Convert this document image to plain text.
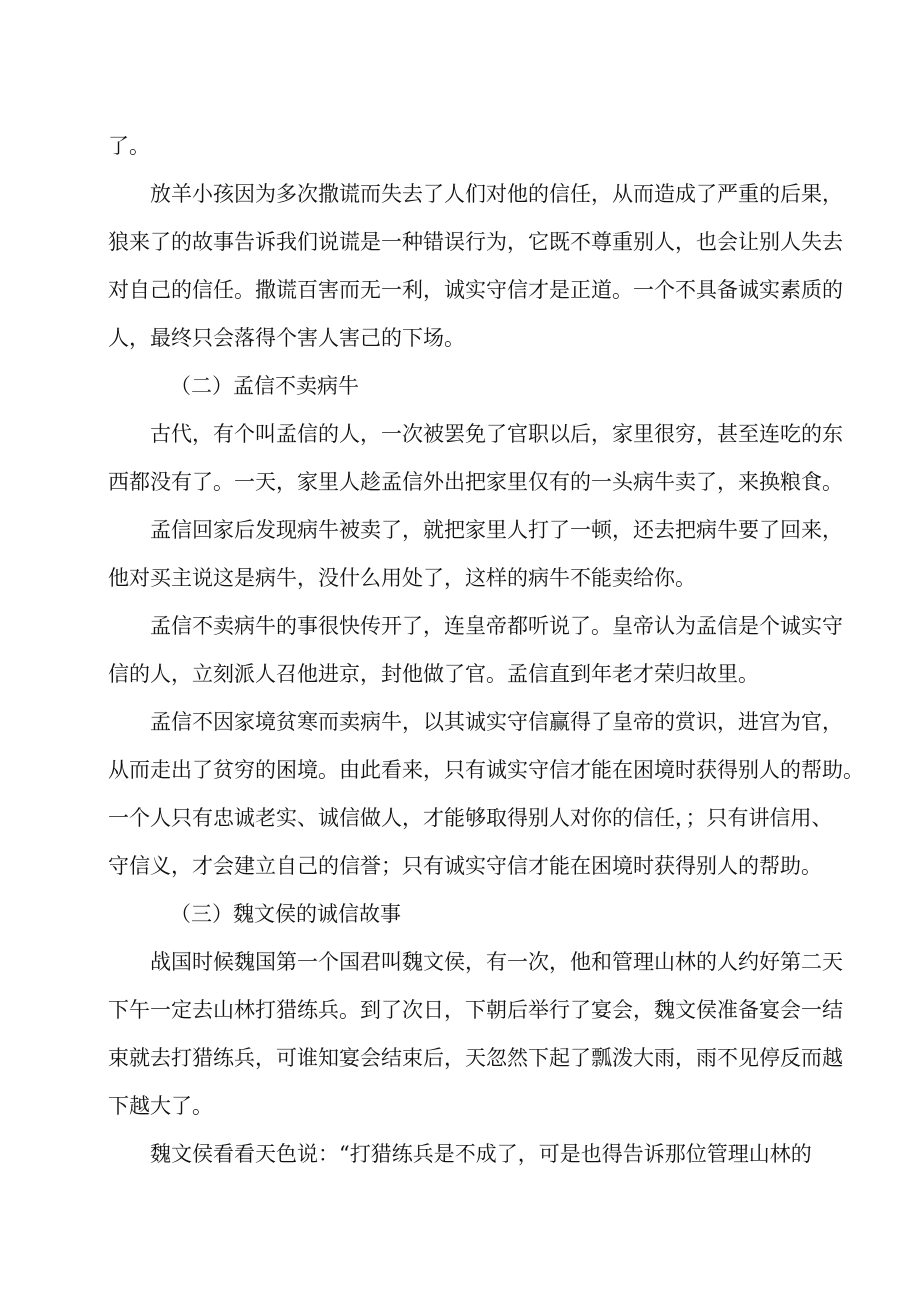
了。
放羊小孩因为多次撒谎而失去了人们对他的信任，从而造成了严重的后果，
狼来了的故事告诉我们说谎是一种错误行为，它既不尊重别人，也会让别人失去
对自己的信任。撒谎百害而无一利，诚实守信才是正道。一个不具备诚实素质的
人，最终只会落得个害人害己的下场。
（二）孟信不卖病牛
古代，有个叫孟信的人，一次被罢免了官职以后，家里很穷，甚至连吃的东
西都没有了。一天，家里人趁孟信外出把家里仅有的一头病牛卖了，来换粮食。
孟信回家后发现病牛被卖了，就把家里人打了一顿，还去把病牛要了回来，
他对买主说这是病牛，没什么用处了，这样的病牛不能卖给你。
孟信不卖病牛的事很快传开了，连皇帝都听说了。皇帝认为孟信是个诚实守
信的人，立刻派人召他进京，封他做了官。孟信直到年老才荣归故里。
孟信不因家境贫寒而卖病牛，以其诚实守信赢得了皇帝的赏识，进宫为官，
从而走出了贫穷的困境。由此看来，只有诚实守信才能在困境时获得别人的帮助。
一个人只有忠诚老实、诚信做人，才能够取得别人对你的信任，；只有讲信用、
守信义，才会建立自己的信誉；只有诚实守信才能在困境时获得别人的帮助。
（三）魏文侯的诚信故事
战国时候魏国第一个国君叫魏文侯，有一次，他和管理山林的人约好第二天
下午一定去山林打猎练兵。到了次日，下朝后举行了宴会，魏文侯准备宴会一结
束就去打猎练兵，可谁知宴会结束后，天忽然下起了瓢泼大雨，雨不见停反而越
下越大了。
魏文侯看看天色说：“打猎练兵是不成了，可是也得告诉那位管理山林的
